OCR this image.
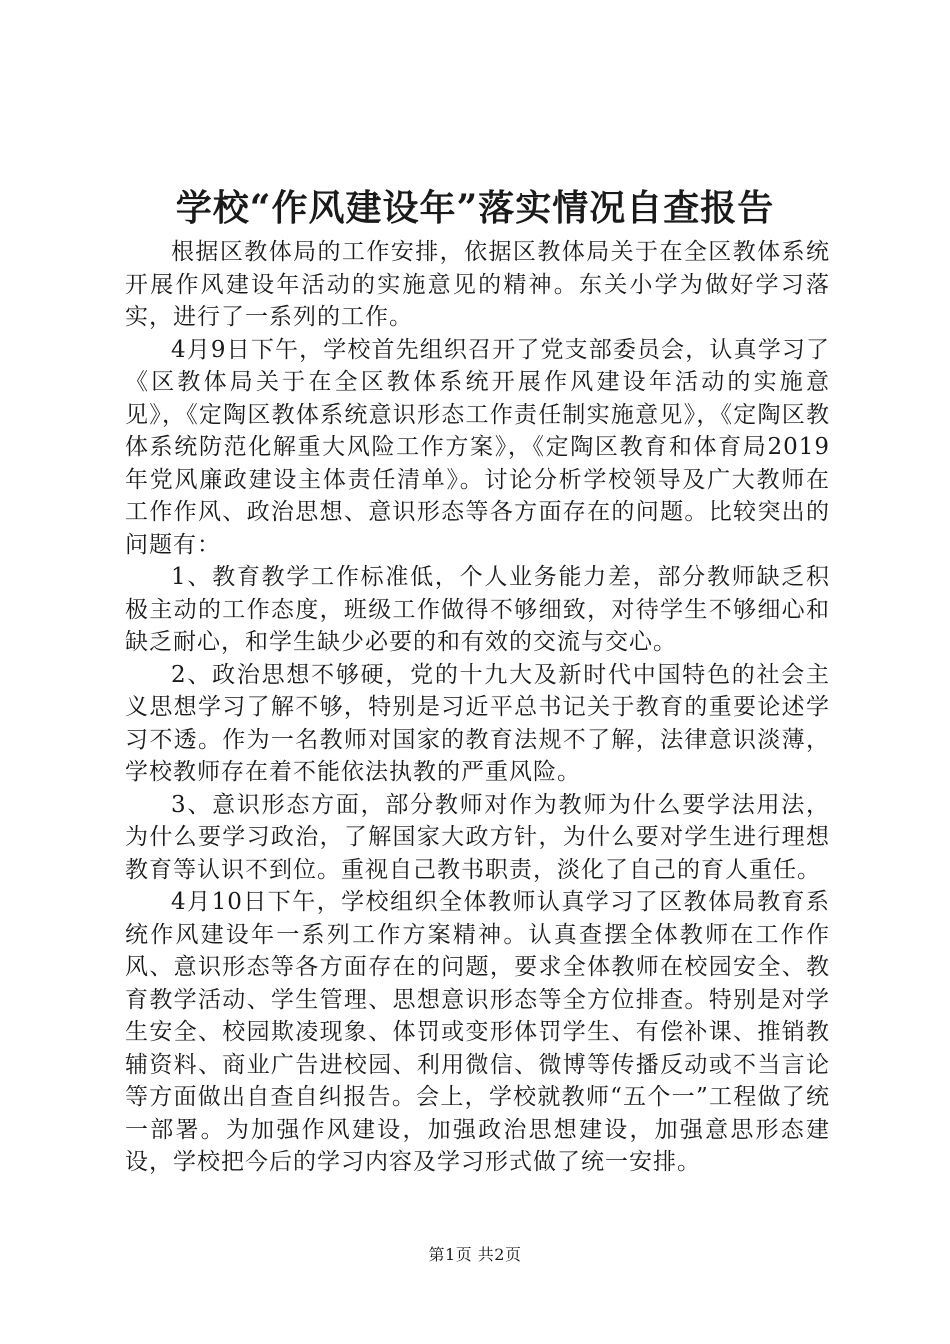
学校“作风建设年”落实情况自查报告

根据区教体局的工作安排，依据区教体局关于在全区教体系统开展作风建设年活动的实施意见的精神。东关小学为做好学习落实，进行了一系列的工作。

4月9日下午，学校首先组织召开了党支部委员会，认真学习了《区教体局关于在全区教体系统开展作风建设年活动的实施意见》，《定陶区教体系统意识形态工作责任制实施意见》，《定陶区教体系统防范化解重大风险工作方案》，《定陶区教育和体育局2019年党风廉政建设主体责任清单》。讨论分析学校领导及广大教师在工作作风、政治思想、意识形态等各方面存在的问题。比较突出的问题有：

1、教育教学工作标准低，个人业务能力差，部分教师缺乏积极主动的工作态度，班级工作做得不够细致，对待学生不够细心和缺乏耐心，和学生缺少必要的和有效的交流与交心。

2、政治思想不够硬，党的十九大及新时代中国特色的社会主义思想学习了解不够，特别是习近平总书记关于教育的重要论述学习不透。作为一名教师对国家的教育法规不了解，法律意识淡薄，学校教师存在着不能依法执教的严重风险。

3、意识形态方面，部分教师对作为教师为什么要学法用法，为什么要学习政治，了解国家大政方针，为什么要对学生进行理想教育等认识不到位。重视自己教书职责，淡化了自己的育人重任。

4月10日下午，学校组织全体教师认真学习了区教体局教育系统作风建设年一系列工作方案精神。认真查摆全体教师在工作作风、意识形态等各方面存在的问题，要求全体教师在校园安全、教育教学活动、学生管理、思想意识形态等全方位排查。特别是对学生安全、校园欺凌现象、体罚或变形体罚学生、有偿补课、推销教辅资料、商业广告进校园、利用微信、微博等传播反动或不当言论等方面做出自查自纠报告。会上，学校就教师“五个一”工程做了统一部署。为加强作风建设，加强政治思想建设，加强意思形态建设，学校把今后的学习内容及学习形式做了统一安排。

第1页 共2页
